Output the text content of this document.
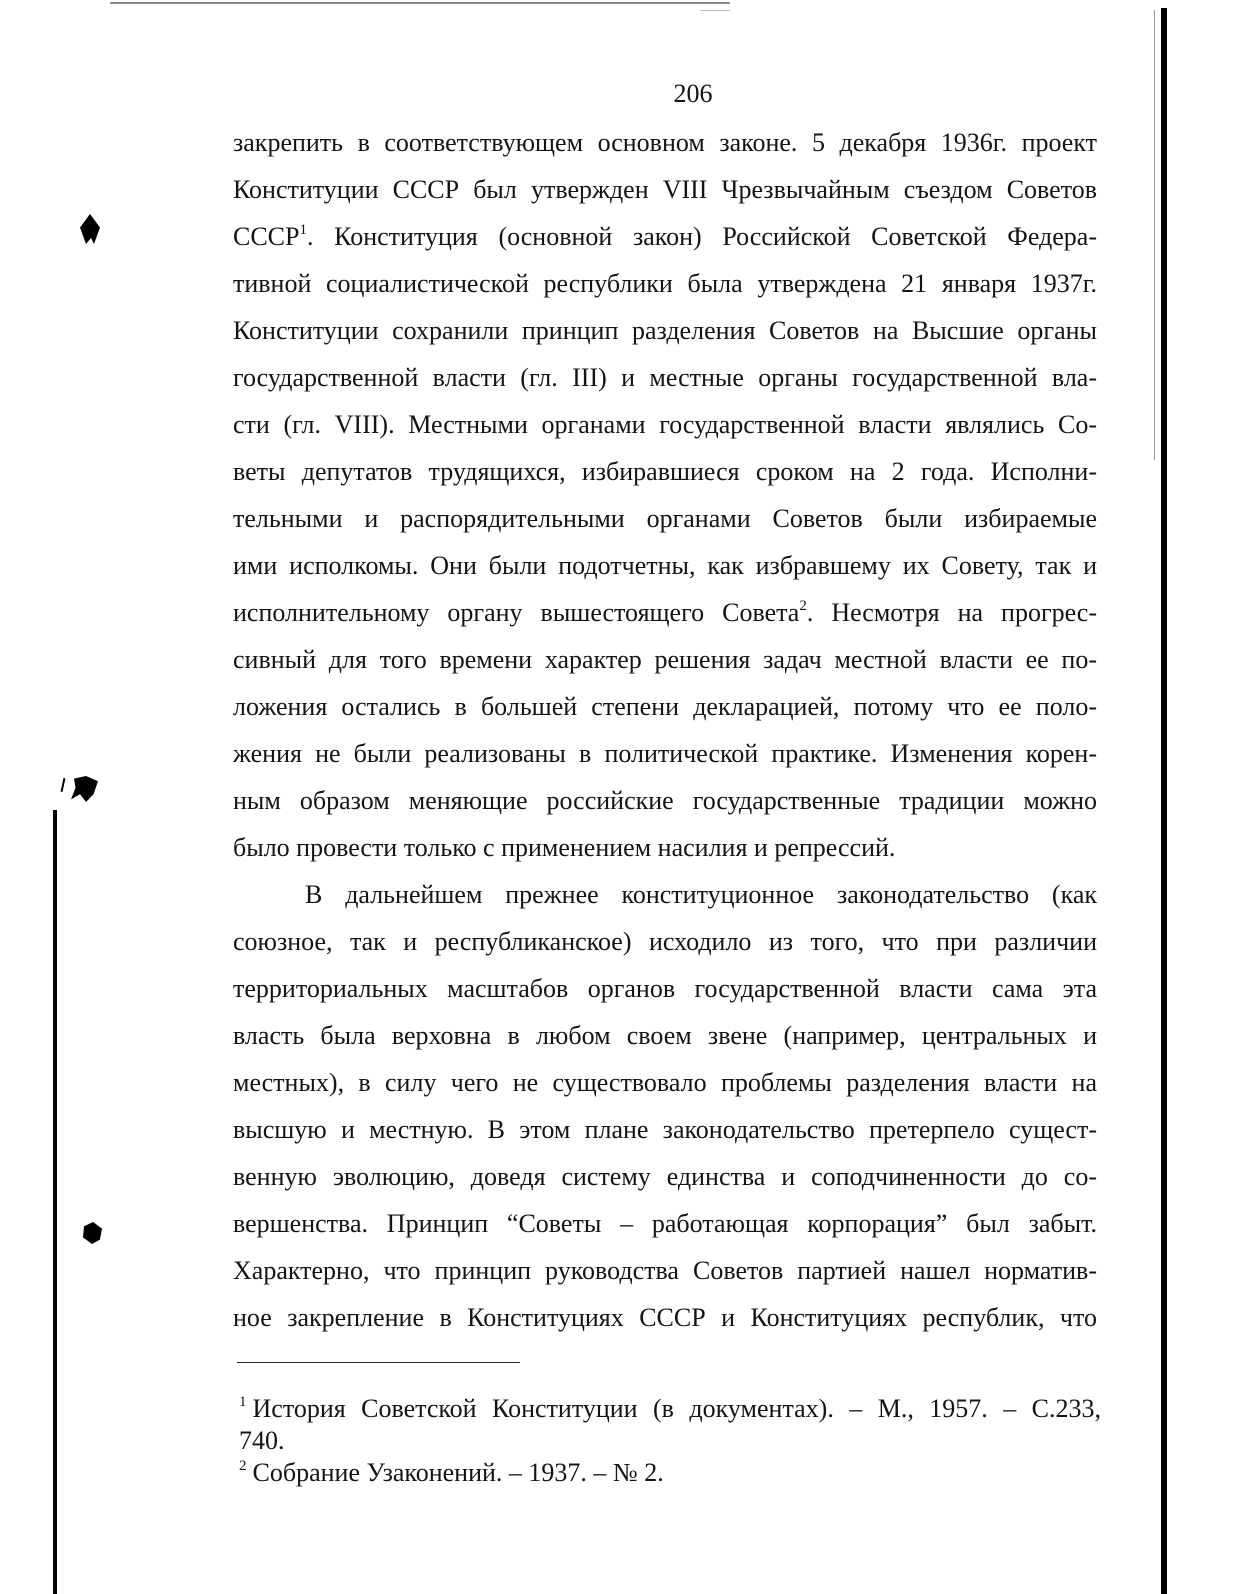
206
закрепить в соответствующем основном законе. 5 декабря 1936г. проект
Конституции СССР был утвержден VIII Чрезвычайным съездом Советов
СССР$^1$. Конституция (основной закон) Российской Советской Федера-
тивной социалистической республики была утверждена 21 января 1937г.
Конституции сохранили принцип разделения Советов на Высшие органы
государственной власти (гл. III) и местные органы государственной вла-
сти (гл. VIII). Местными органами государственной власти являлись Со-
веты депутатов трудящихся, избиравшиеся сроком на 2 года. Исполни-
тельными и распорядительными органами Советов были избираемые
ими исполкомы. Они были подотчетны, как избравшему их Совету, так и
исполнительному органу вышестоящего Совета$^2$. Несмотря на прогрес-
сивный для того времени характер решения задач местной власти ее по-
ложения остались в большей степени декларацией, потому что ее поло-
жения не были реализованы в политической практике. Изменения корен-
ным образом меняющие российские государственные традиции можно
было провести только с применением насилия и репрессий.
В дальнейшем прежнее конституционное законодательство (как
союзное, так и республиканское) исходило из того, что при различии
территориальных масштабов органов государственной власти сама эта
власть была верховна в любом своем звене (например, центральных и
местных), в силу чего не существовало проблемы разделения власти на
высшую и местную. В этом плане законодательство претерпело сущест-
венную эволюцию, доведя систему единства и соподчиненности до со-
вершенства. Принцип “Советы – работающая корпорация” был забыт.
Характерно, что принцип руководства Советов партией нашел норматив-
ное закрепление в Конституциях СССР и Конституциях республик, что
$^1$ История Советской Конституции (в документах). – М., 1957. – С.233,
740.
$^2$ Собрание Узаконений. – 1937. – № 2.
